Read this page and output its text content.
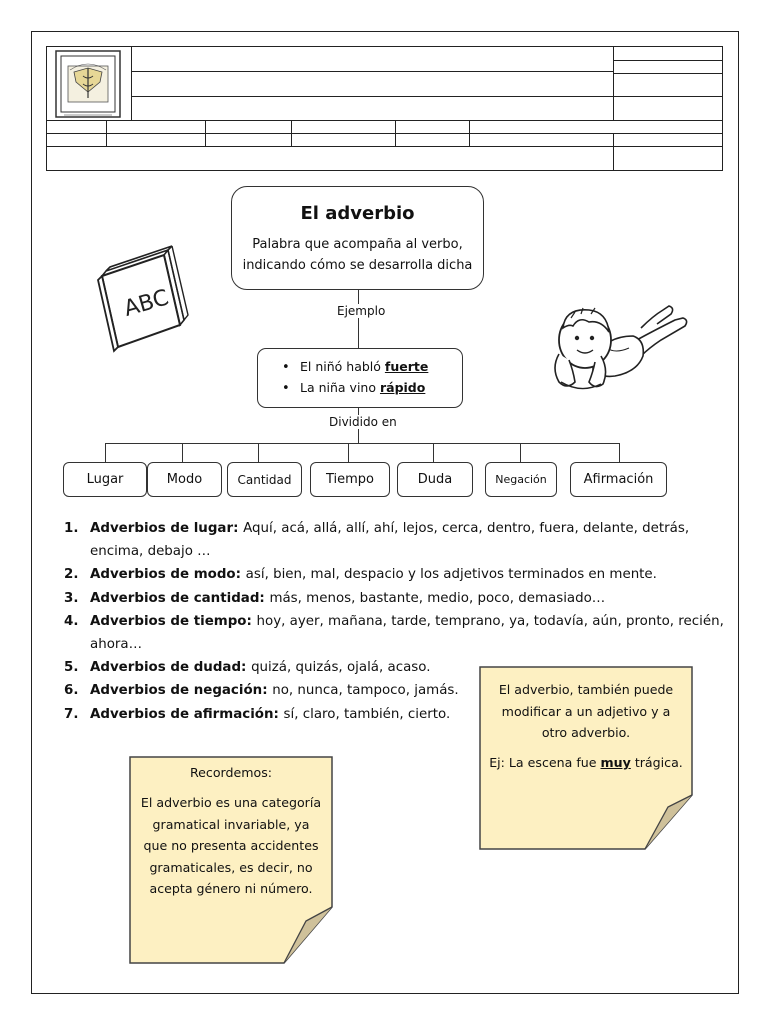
ABC
El adverbio
Palabra que acompaña al verbo, indicando cómo se desarrolla dicha
Ejemplo
• El niñó habló fuerte
• La niña vino rápido
Dividido en
Lugar	Modo	Cantidad	Tiempo	Duda	Negación	Afirmación
1. Adverbios de lugar: Aquí, acá, allá, allí, ahí, lejos, cerca, dentro, fuera, delante, detrás, encima, debajo …
2. Adverbios de modo: así, bien, mal, despacio y los adjetivos terminados en mente.
3. Adverbios de cantidad: más, menos, bastante, medio, poco, demasiado…
4. Adverbios de tiempo: hoy, ayer, mañana, tarde, temprano, ya, todavía, aún, pronto, recién, ahora…
5. Adverbios de dudad: quizá, quizás, ojalá, acaso.
6. Adverbios de negación: no, nunca, tampoco, jamás.
7. Adverbios de afirmación: sí, claro, también, cierto.
El adverbio, también puede modificar a un adjetivo y a otro adverbio.
Ej: La escena fue muy trágica.
Recordemos:
El adverbio es una categoría gramatical invariable, ya que no presenta accidentes gramaticales, es decir, no acepta género ni número.
